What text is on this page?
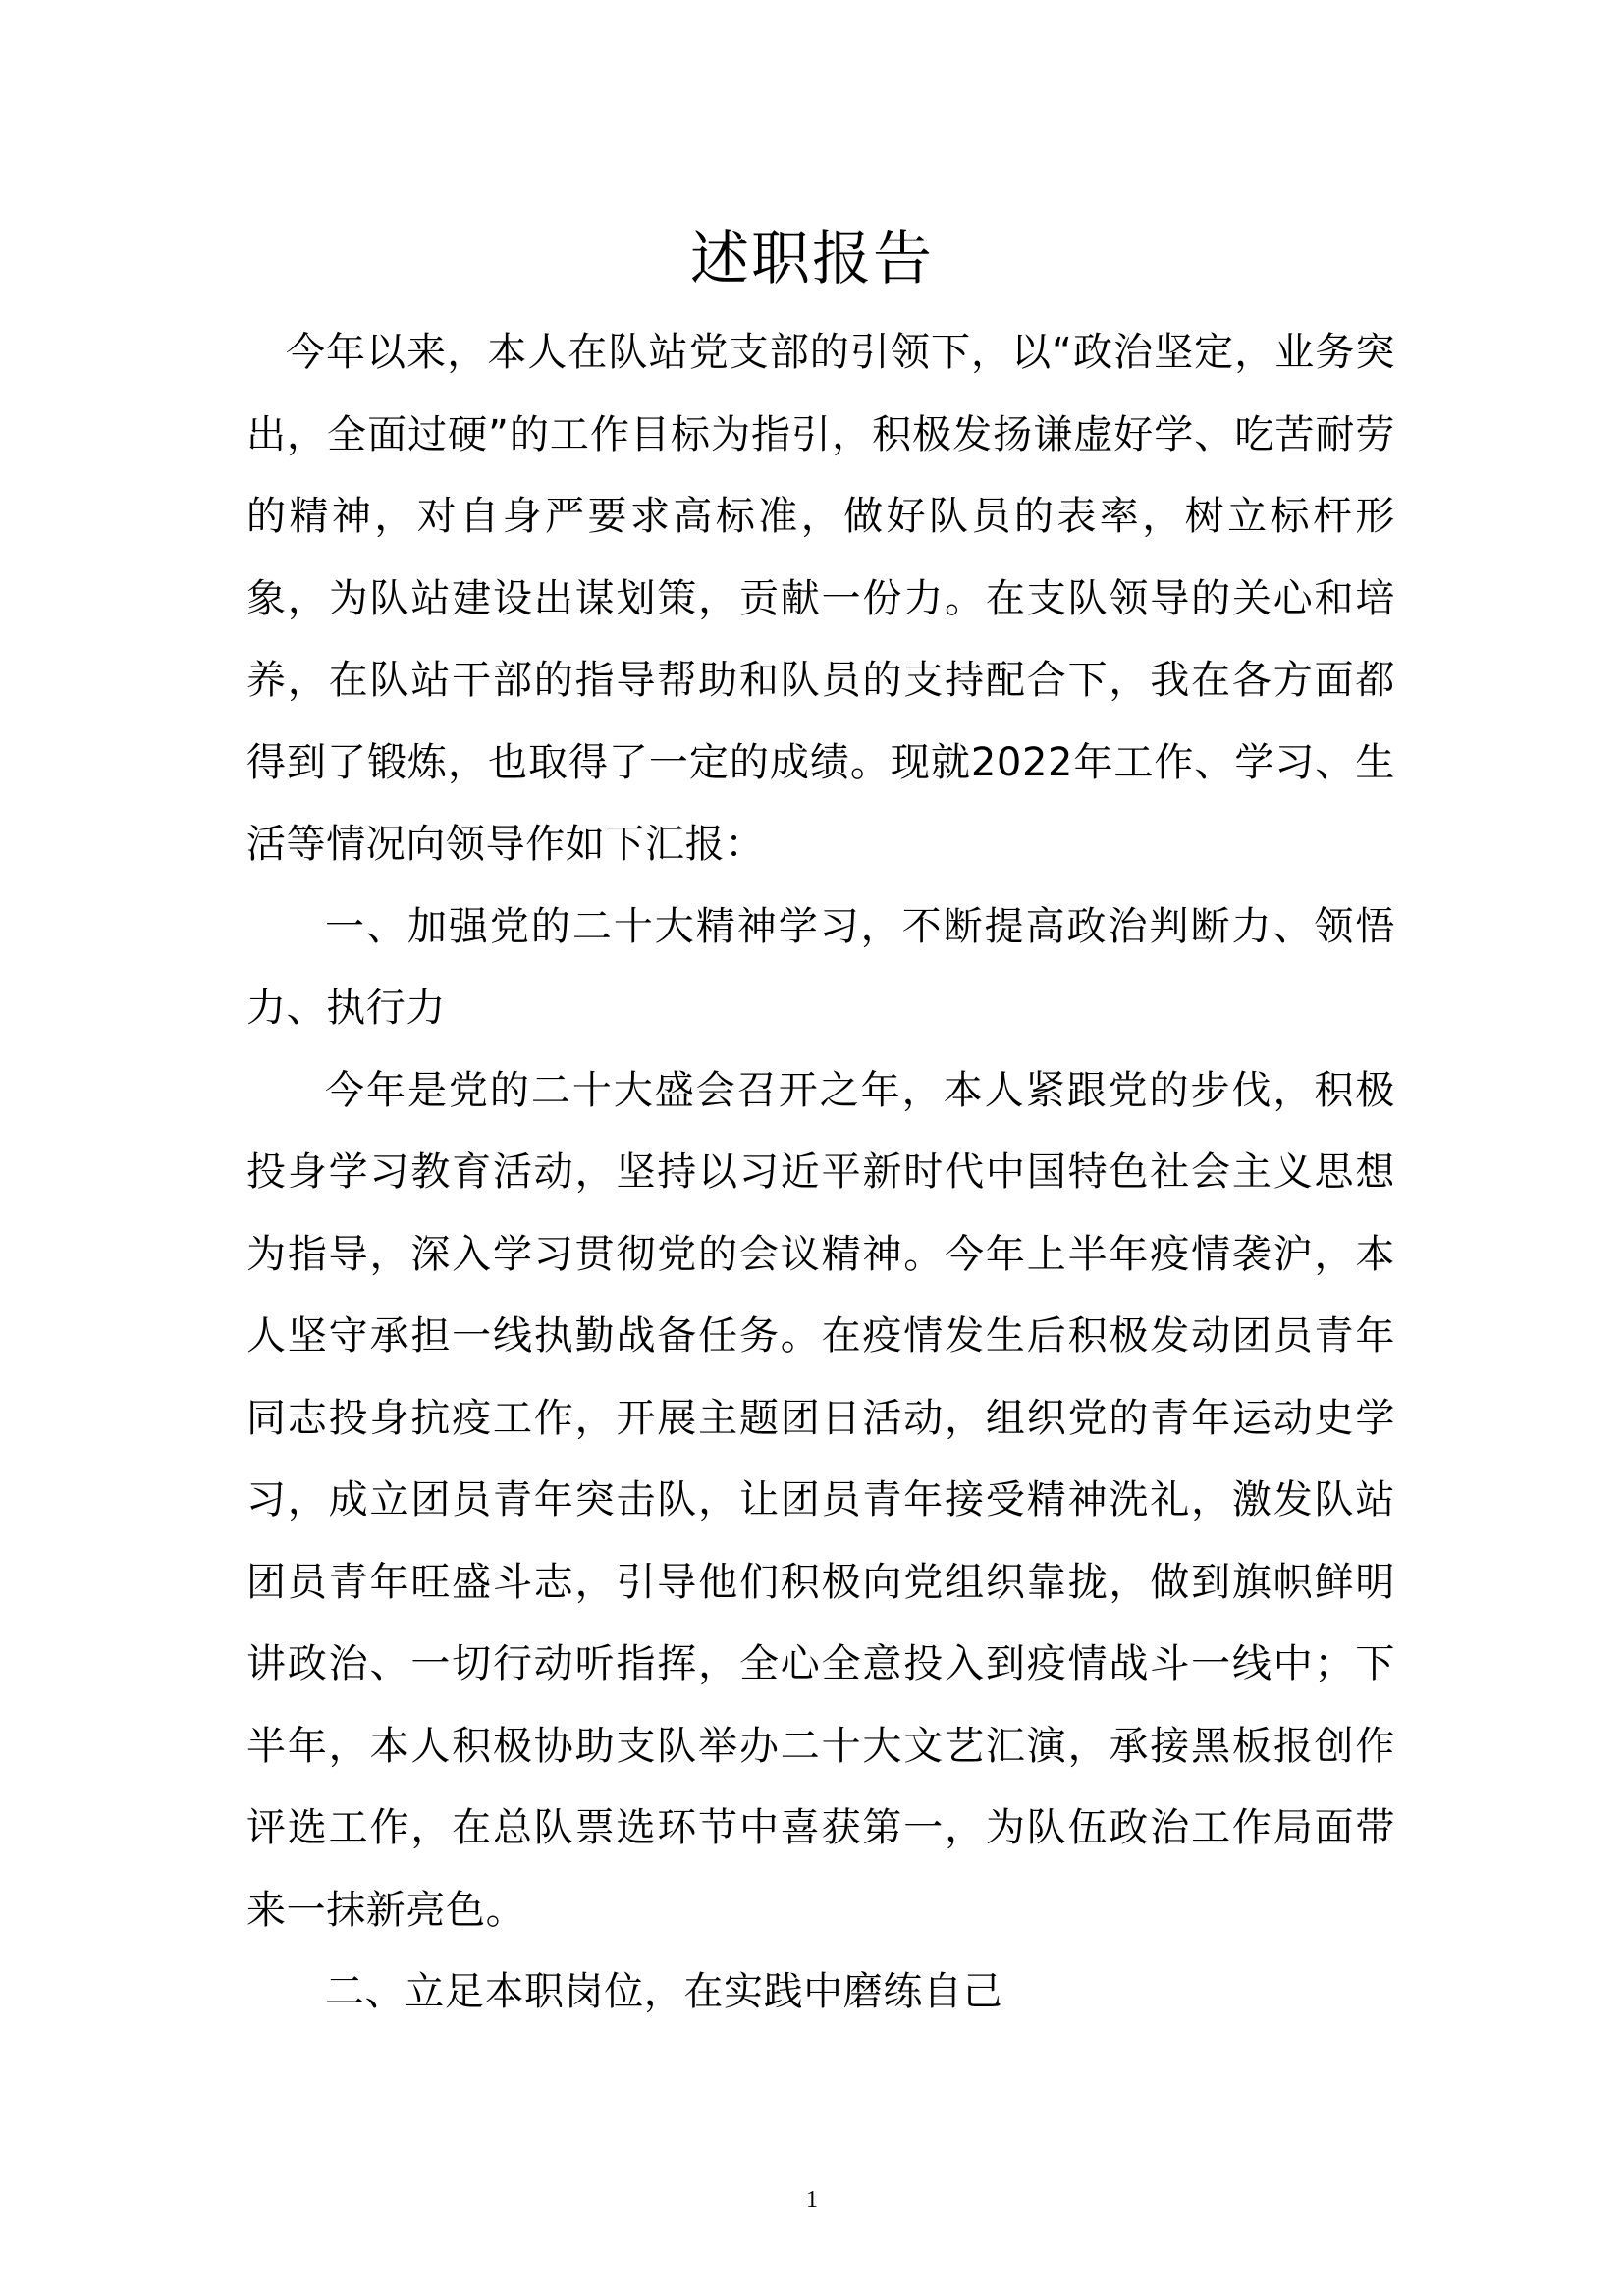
述职报告

今年以来，本人在队站党支部的引领下，以“政治坚定，业务突出，全面过硬”的工作目标为指引，积极发扬谦虚好学、吃苦耐劳的精神，对自身严要求高标准，做好队员的表率，树立标杆形象，为队站建设出谋划策，贡献一份力。在支队领导的关心和培养，在队站干部的指导帮助和队员的支持配合下，我在各方面都得到了锻炼，也取得了一定的成绩。现就2022年工作、学习、生活等情况向领导作如下汇报：

一、加强党的二十大精神学习，不断提高政治判断力、领悟力、执行力

今年是党的二十大盛会召开之年，本人紧跟党的步伐，积极投身学习教育活动，坚持以习近平新时代中国特色社会主义思想为指导，深入学习贯彻党的会议精神。今年上半年疫情袭沪，本人坚守承担一线执勤战备任务。在疫情发生后积极发动团员青年同志投身抗疫工作，开展主题团日活动，组织党的青年运动史学习，成立团员青年突击队，让团员青年接受精神洗礼，激发队站团员青年旺盛斗志，引导他们积极向党组织靠拢，做到旗帜鲜明讲政治、一切行动听指挥，全心全意投入到疫情战斗一线中；下半年，本人积极协助支队举办二十大文艺汇演，承接黑板报创作评选工作，在总队票选环节中喜获第一，为队伍政治工作局面带来一抹新亮色。

二、立足本职岗位，在实践中磨练自己

1
